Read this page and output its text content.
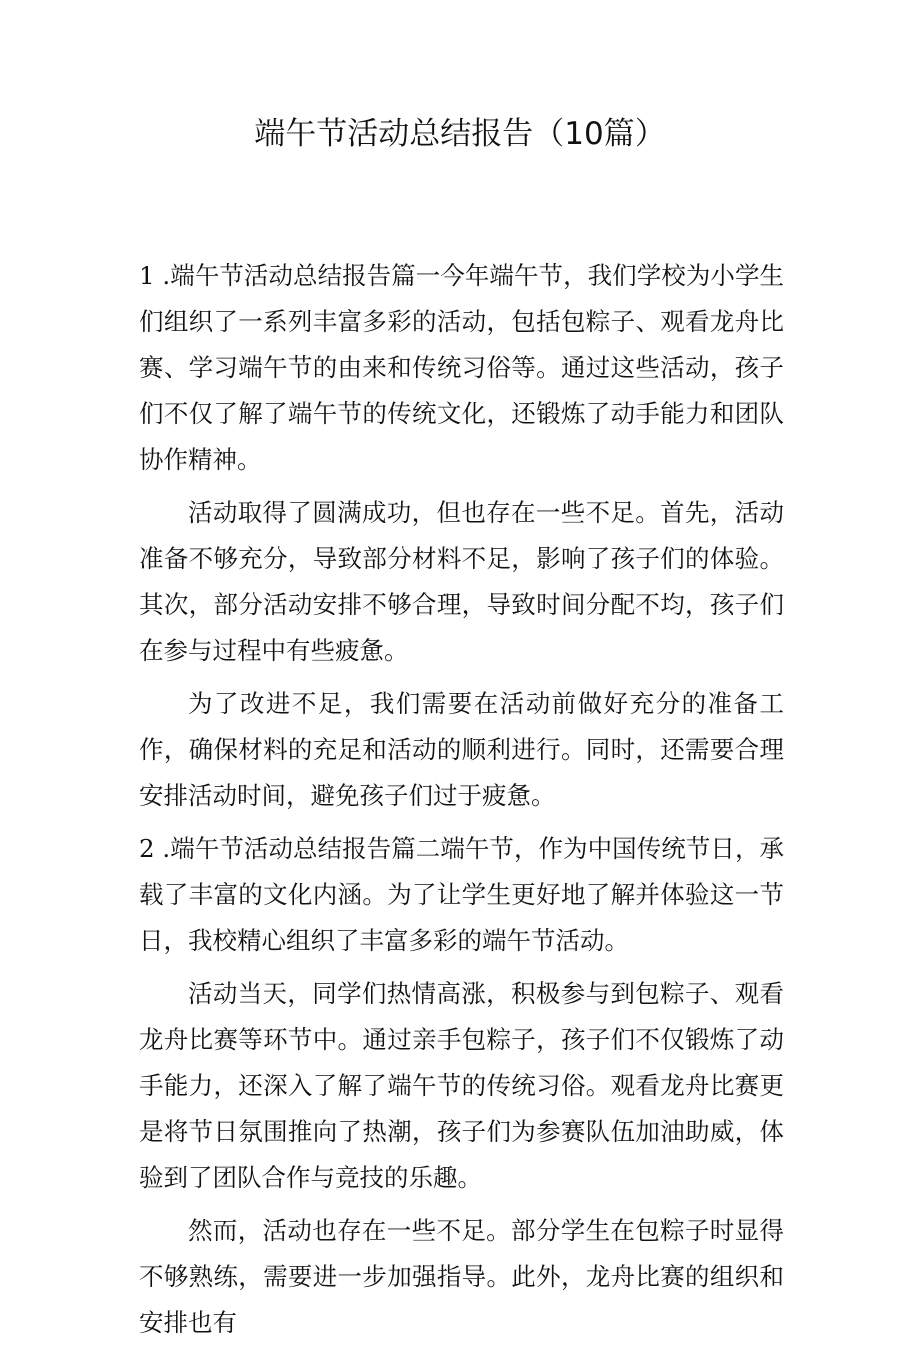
端午节活动总结报告（10篇）

1 .端午节活动总结报告篇一今年端午节，我们学校为小学生们组织了一系列丰富多彩的活动，包括包粽子、观看龙舟比赛、学习端午节的由来和传统习俗等。通过这些活动，孩子们不仅了解了端午节的传统文化，还锻炼了动手能力和团队协作精神。

活动取得了圆满成功，但也存在一些不足。首先，活动准备不够充分，导致部分材料不足，影响了孩子们的体验。其次，部分活动安排不够合理，导致时间分配不均，孩子们在参与过程中有些疲惫。

为了改进不足，我们需要在活动前做好充分的准备工作，确保材料的充足和活动的顺利进行。同时，还需要合理安排活动时间，避免孩子们过于疲惫。

2 .端午节活动总结报告篇二端午节，作为中国传统节日，承载了丰富的文化内涵。为了让学生更好地了解并体验这一节日，我校精心组织了丰富多彩的端午节活动。

活动当天，同学们热情高涨，积极参与到包粽子、观看龙舟比赛等环节中。通过亲手包粽子，孩子们不仅锻炼了动手能力，还深入了解了端午节的传统习俗。观看龙舟比赛更是将节日氛围推向了热潮，孩子们为参赛队伍加油助威，体验到了团队合作与竞技的乐趣。

然而，活动也存在一些不足。部分学生在包粽子时显得不够熟练，需要进一步加强指导。此外，龙舟比赛的组织和安排也有
